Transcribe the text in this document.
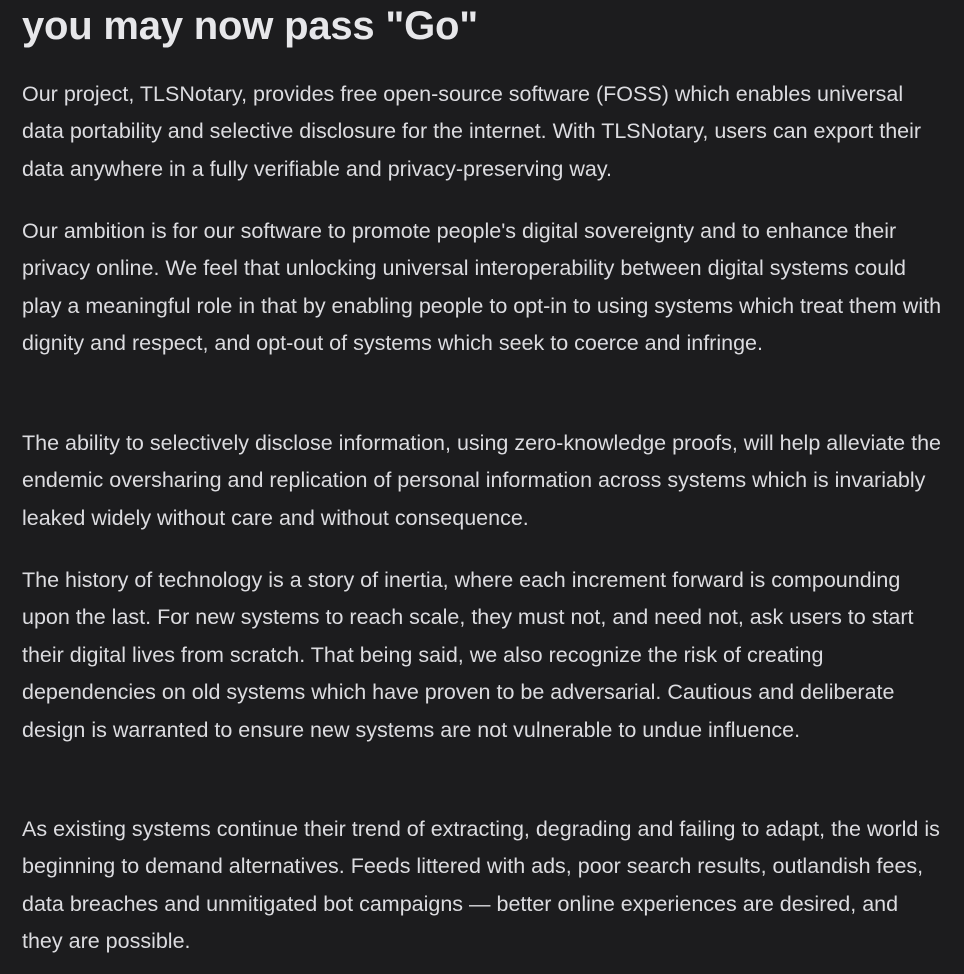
you may now pass "Go"

Our project, TLSNotary, provides free open-source software (FOSS) which enables universal data portability and selective disclosure for the internet. With TLSNotary, users can export their data anywhere in a fully verifiable and privacy-preserving way.

Our ambition is for our software to promote people's digital sovereignty and to enhance their privacy online. We feel that unlocking universal interoperability between digital systems could play a meaningful role in that by enabling people to opt-in to using systems which treat them with dignity and respect, and opt-out of systems which seek to coerce and infringe.

The ability to selectively disclose information, using zero-knowledge proofs, will help alleviate the endemic oversharing and replication of personal information across systems which is invariably leaked widely without care and without consequence.

The history of technology is a story of inertia, where each increment forward is compounding upon the last. For new systems to reach scale, they must not, and need not, ask users to start their digital lives from scratch. That being said, we also recognize the risk of creating dependencies on old systems which have proven to be adversarial. Cautious and deliberate design is warranted to ensure new systems are not vulnerable to undue influence.

As existing systems continue their trend of extracting, degrading and failing to adapt, the world is beginning to demand alternatives. Feeds littered with ads, poor search results, outlandish fees, data breaches and unmitigated bot campaigns — better online experiences are desired, and they are possible.
